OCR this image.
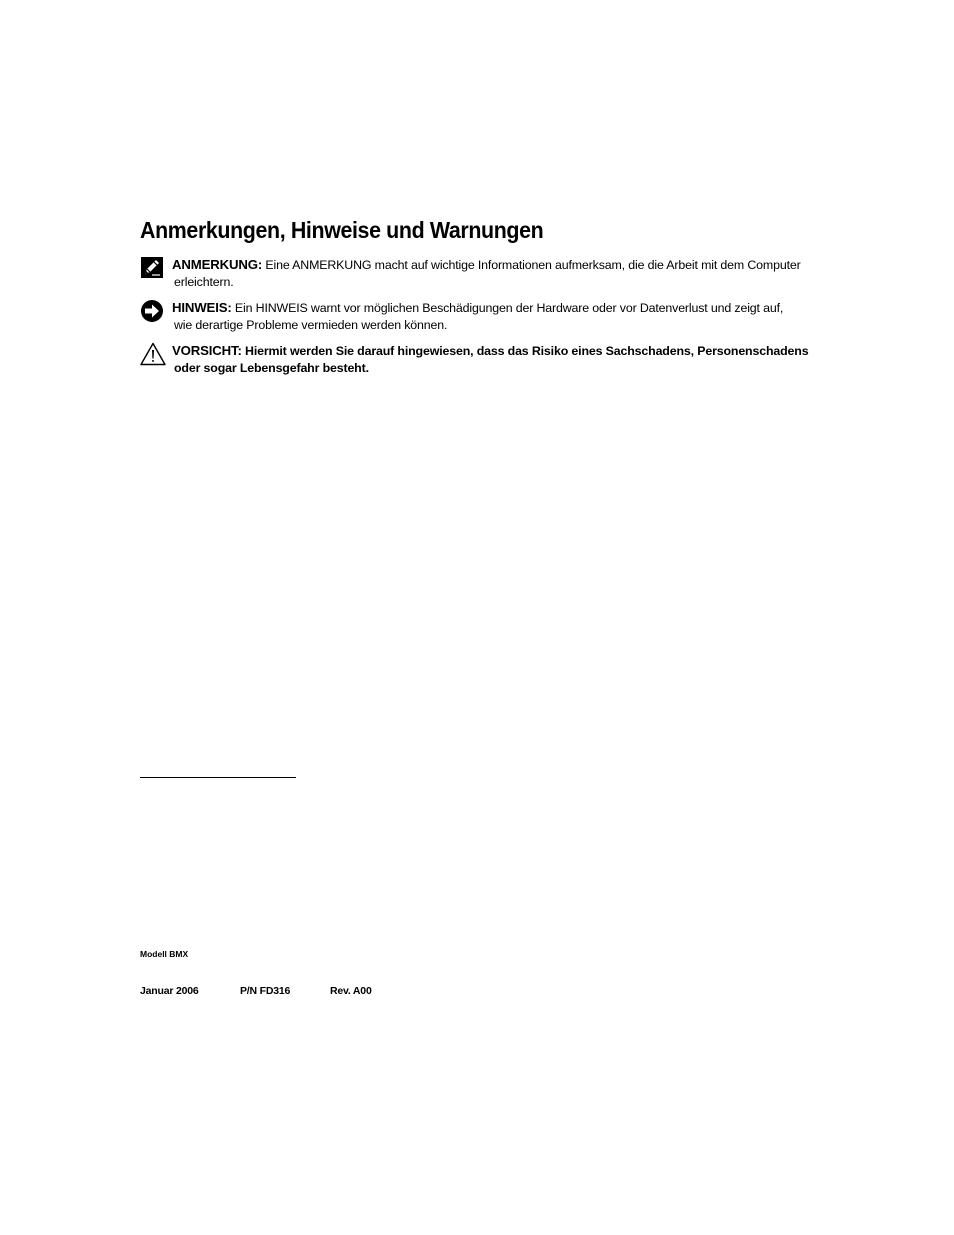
Anmerkungen, Hinweise und Warnungen
ANMERKUNG: Eine ANMERKUNG macht auf wichtige Informationen aufmerksam, die die Arbeit mit dem Computer
erleichtern.
HINWEIS: Ein HINWEIS warnt vor möglichen Beschädigungen der Hardware oder vor Datenverlust und zeigt auf,
wie derartige Probleme vermieden werden können.
VORSICHT: Hiermit werden Sie darauf hingewiesen, dass das Risiko eines Sachschadens, Personenschadens
oder sogar Lebensgefahr besteht.
Modell BMX
Januar 2006	P/N FD316	Rev. A00
